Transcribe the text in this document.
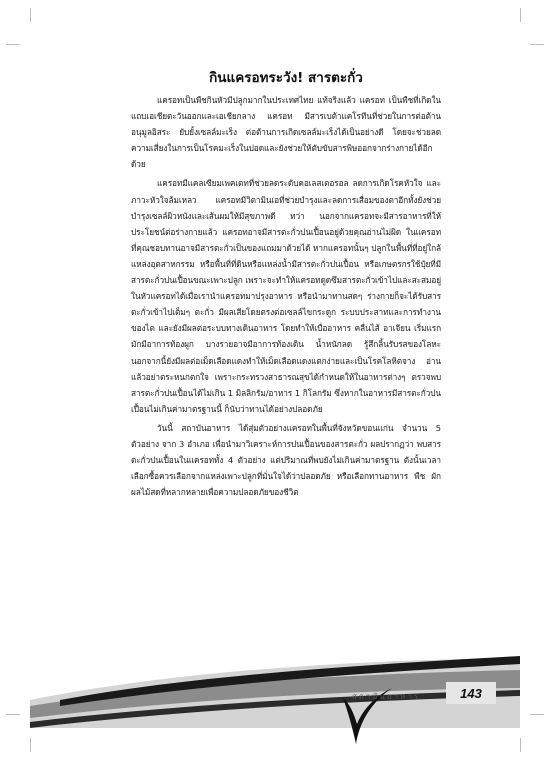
กินแครอทระวัง! สารตะกั่ว

แครอทเป็นพืชกินหัวมีปลูกมากในประเทศไทย แท้จริงแล้ว แครอท เป็นพืชที่เกิดในแถบเอเชียตะวันออกและเอเชียกลาง แครอท มีสารเบต้าแคโรทีนที่ช่วยในการต่อต้านอนุมูลอิสระ ยับยั้งเซลล์มะเร็ง ต่อต้านการเกิดเซลล์มะเร็งได้เป็นอย่างดี โดยจะช่วยลดความเสี่ยงในการเป็นโรคมะเร็งในปอดและยังช่วยให้ตับขับสารพิษออกจากร่างกายได้อีกด้วย

แครอทมีแคลเซียมเพคเตทที่ช่วยลดระดับคอเลสเตอรอล ลดการเกิดโรคหัวใจ และภาวะหัวใจล้มเหลว แครอทมีวิตามินเอที่ช่วยบำรุงและลดการเสื่อมของตาอีกทั้งยังช่วยบำรุงเซลล์ผิวหนังและเส้นผมให้มีสุขภาพดี ทว่า นอกจากแครอทจะมีสารอาหารที่ให้ประโยชน์ต่อร่างกายแล้ว แครอทอาจมีสารตะกั่วปนเปื้อนอยู่ด้วยคุณอ่านไม่ผิด ในแครอทที่คุณชอบทานอาจมีสารตะกั่วเป็นของแถมมาด้วยได้ หากแครอทนั้นๆ ปลูกในพื้นที่ที่อยู่ใกล้แหล่งอุตสาหกรรม หรือพื้นที่ที่ดินหรือแหล่งน้ำมีสารตะกั่วปนเปื้อน หรือเกษตรกรใช้ปุ๋ยที่มีสารตะกั่วปนเปื้อนขณะเพาะปลูก เพราะจะทำให้แครอทดูดซึมสารตะกั่วเข้าไปและสะสมอยู่ในหัวแครอทได้เมื่อเรานำแครอทมาปรุงอาหาร หรือนำมาทานสดๆ ร่างกายก็จะได้รับสารตะกั่วเข้าไปเต็มๆ ตะกั่ว มีผลเสียโดยตรงต่อเซลล์ไขกระดูก ระบบประสาทและการทำงานของไต และยังมีผลต่อระบบทางเดินอาหาร โดยทำให้เบื่ออาหาร คลื่นไส้ อาเจียน เริ่มแรกมักมีอาการท้องผูก บางรายอาจมีอาการท้องเดิน น้ำหนักลด รู้สึกลิ้นรับรสของโลหะ นอกจากนี้ยังมีผลต่อเม็ดเลือดแดงทำให้เม็ดเลือดแดงแตกง่ายและเป็นโรคโลหิตจาง อ่านแล้วอย่าตระหนกตกใจ เพราะกระทรวงสาธารณสุขได้กำหนดให้ในอาหารต่างๆ ตรวจพบสารตะกั่วปนเปื้อนได้ไม่เกิน 1 มิลลิกรัม/อาหาร 1 กิโลกรัม ซึ่งหากในอาหารมีสารตะกั่วปนเปื้อนไม่เกินค่ามาตรฐานนี้ ก็นับว่าทานได้อย่างปลอดภัย

วันนี้ สถาบันอาหาร ได้สุ่มตัวอย่างแครอทในพื้นที่จังหวัดขอนแก่น จำนวน 5 ตัวอย่าง จาก 3 อำเภอ เพื่อนำมาวิเคราะห์การปนเปื้อนของสารตะกั่ว ผลปรากฏว่า พบสารตะกั่วปนเปื้อนในแครอททั้ง 4 ตัวอย่าง แต่ปริมาณที่พบยังไม่เกินค่ามาตรฐาน ดังนั้นเวลาเลือกซื้อควรเลือกจากแหล่งเพาะปลูกที่มั่นใจได้ว่าปลอดภัย หรือเลือกทานอาหาร พืช ผัก ผลไม้สดที่หลากหลายเพื่อความปลอดภัยของชีวิต

สถาบันอาหาร	143
